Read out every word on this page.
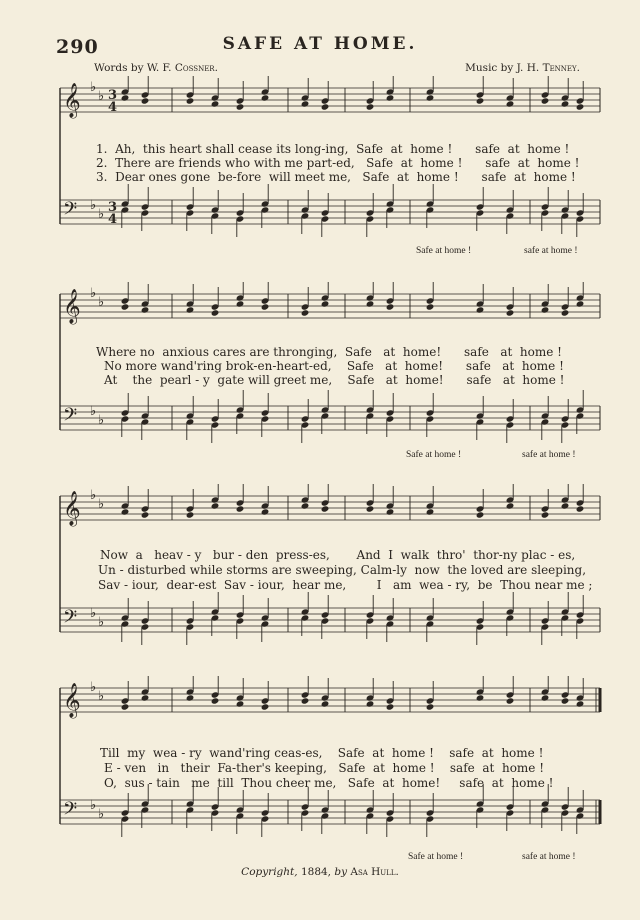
290	SAFE AT HOME.
Words by W. F. Cossner.	Music by J. H. Tenney.
𝄞 ♭
♭
𝄢 ♭
♭
3
3
4
4
1.  Ah,  this heart shall cease its long-ing,  Safe  at  home !      safe  at  home !
2.  There are friends who with me part-ed,   Safe  at  home !      safe  at  home !
3.  Dear ones gone  be-fore  will meet me,   Safe  at  home !      safe  at  home !
Safe at home !	safe at home !
𝄞 ♭
♭
𝄢 ♭
♭
Where no  anxious cares are thronging,  Safe   at  home!      safe   at  home !
No more wand'ring brok-en-heart-ed,    Safe   at  home!      safe   at  home !
At    the  pearl - y  gate will greet me,    Safe   at  home!      safe   at  home !
Safe at home !	safe at home !
𝄞 ♭
♭
𝄢 ♭
♭
Now  a   heav - y   bur - den  press-es,       And  I  walk  thro'  thor-ny plac - es,
Un - disturbed while storms are sweeping, Calm-ly  now  the loved are sleeping,
Sav - iour,  dear-est  Sav - iour,  hear me,        I   am  wea - ry,  be  Thou near me ;
𝄞 ♭
♭
𝄢 ♭
♭
Till  my  wea - ry  wand'ring ceas-es,    Safe  at  home !    safe  at  home !
E - ven   in   their  Fa-ther's keeping,   Safe  at  home !    safe  at  home !
O,  sus - tain   me  till  Thou cheer me,   Safe  at  home!     safe  at  home !
Safe at home !	safe at home !
Copyright, 1884, by Asa Hull.
